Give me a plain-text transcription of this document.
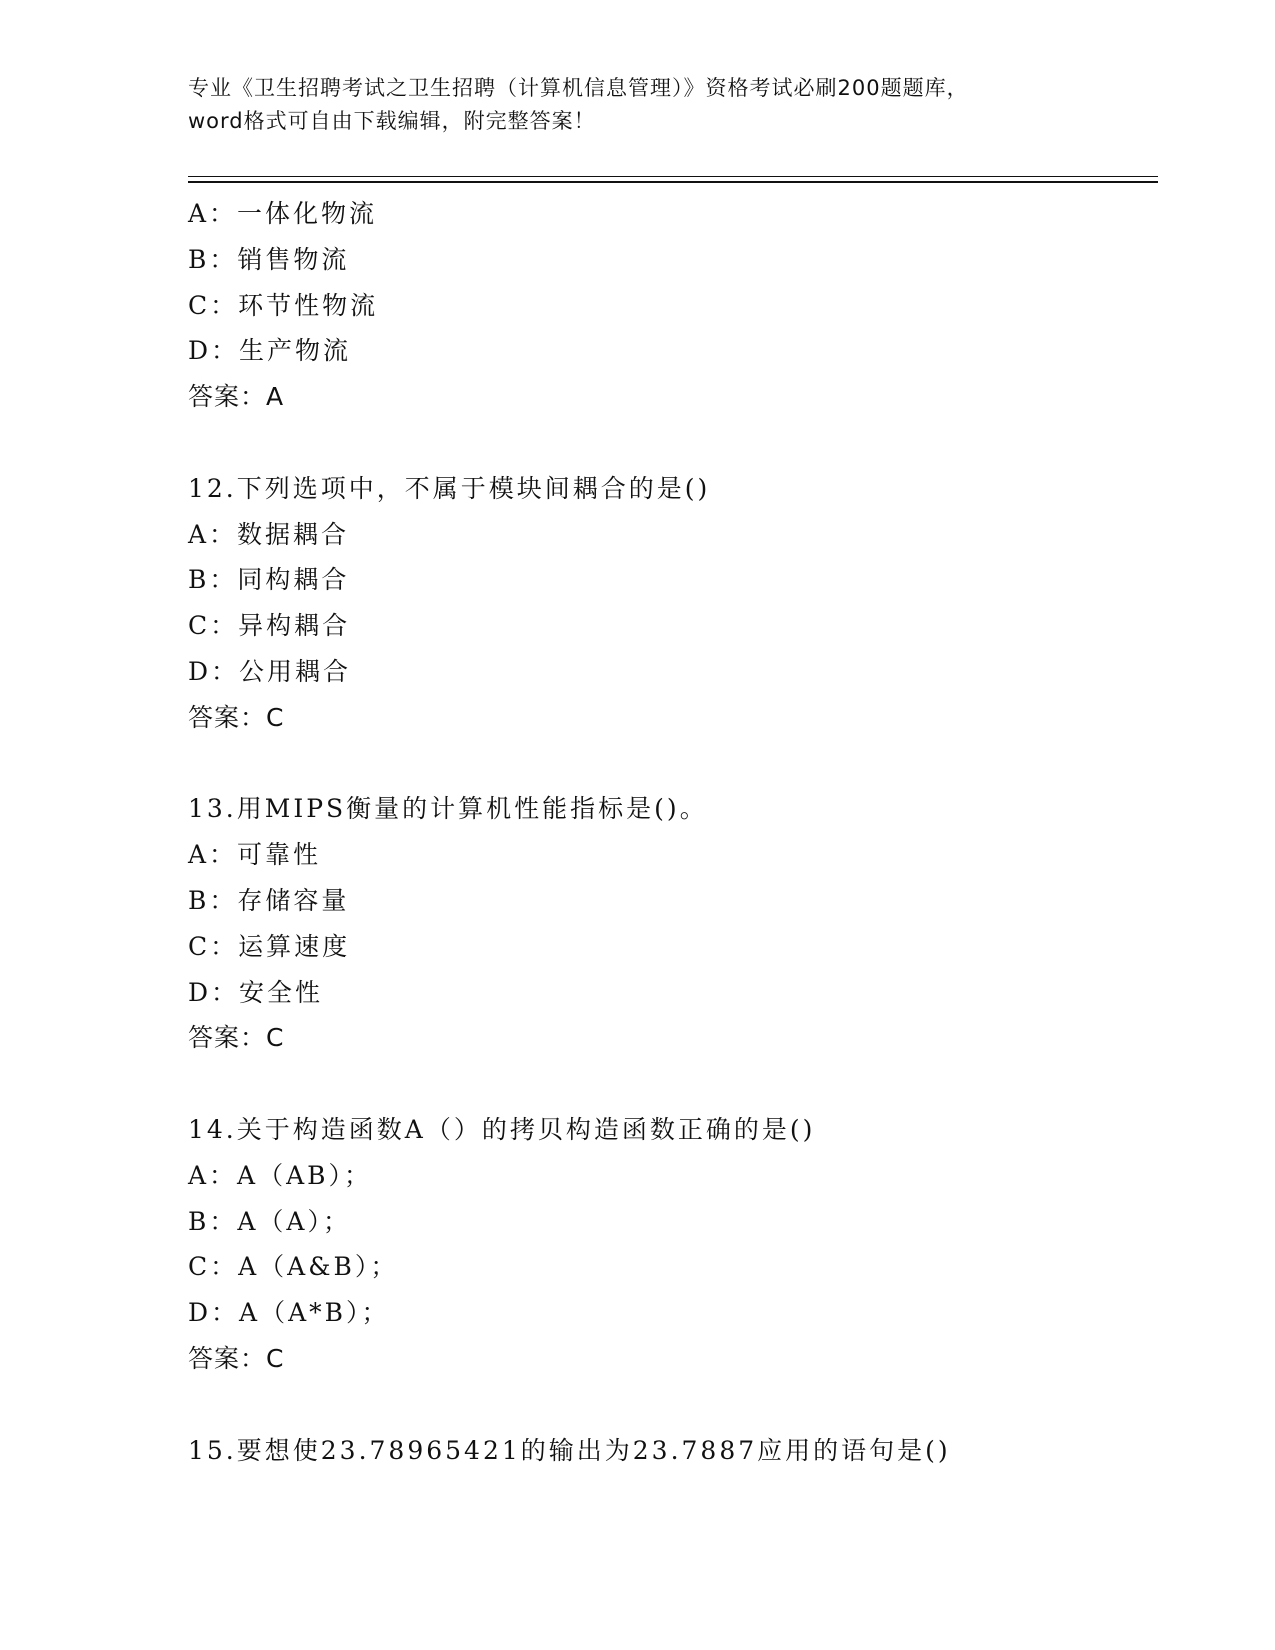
专业《卫生招聘考试之卫生招聘（计算机信息管理）》资格考试必刷200题题库，
word格式可自由下载编辑，附完整答案！
A：一体化物流
B：销售物流
C：环节性物流
D：生产物流
答案：A
12.下列选项中，不属于模块间耦合的是()
A：数据耦合
B：同构耦合
C：异构耦合
D：公用耦合
答案：C
13.用MIPS衡量的计算机性能指标是()。
A：可靠性
B：存储容量
C：运算速度
D：安全性
答案：C
14.关于构造函数A（）的拷贝构造函数正确的是()
A：A（AB）；
B：A（A）；
C：A（A&B）；
D：A（A*B）；
答案：C
15.要想使23.78965421的输出为23.7887应用的语句是()
